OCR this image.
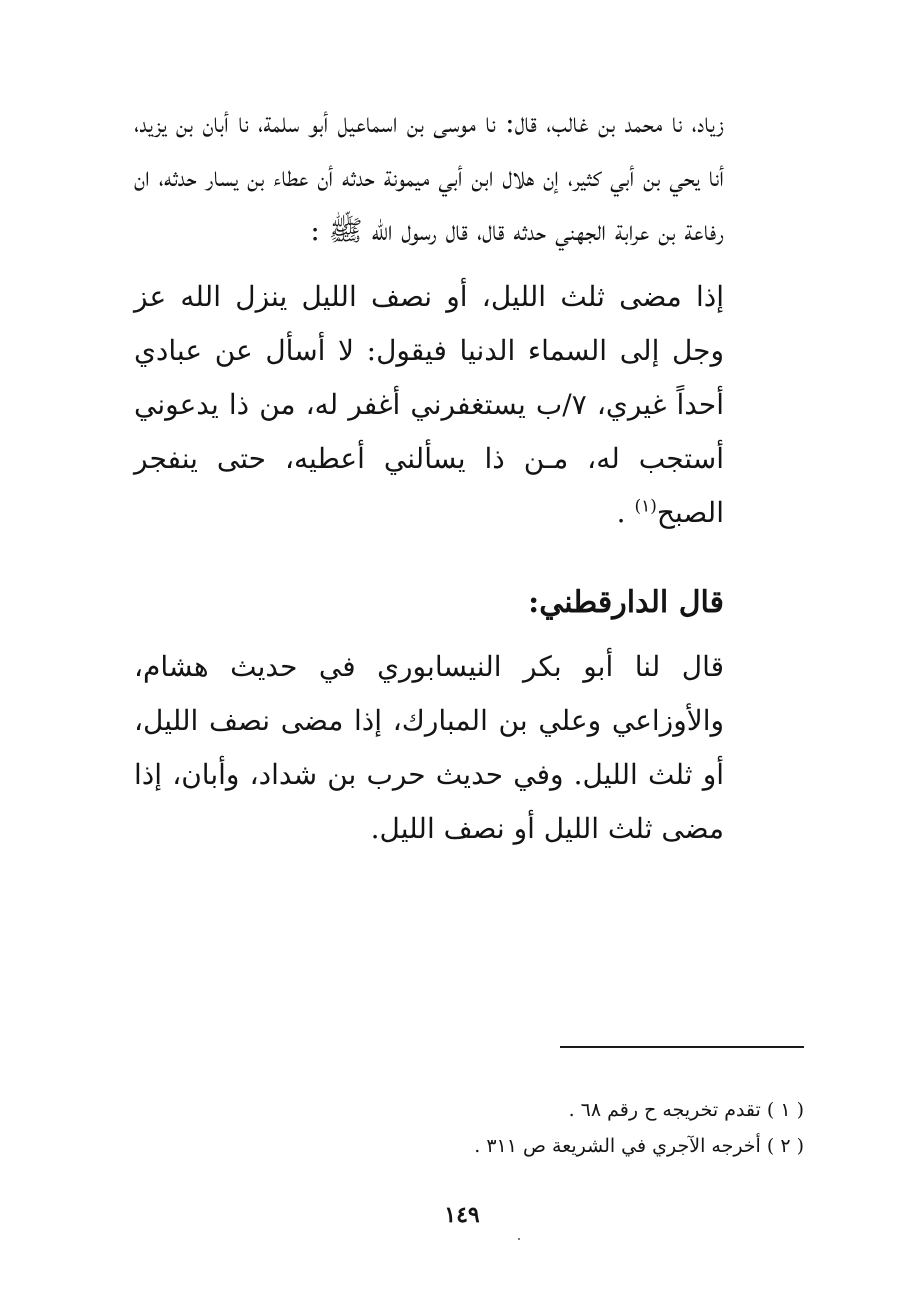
زياد، نا محمد بن غالب، قال: نا موسى بن اسماعيل أبو سلمة، نا أبان بن يزيد، أنا يحي بن أبي كثير، إن هلال ابن أبي ميمونة حدثه أن عطاء بن يسار حدثه، ان رفاعة بن عرابة الجهني حدثه قال، قال رسول الله ﷺ :

إذا مضى ثلث الليل، أو نصف الليل ينزل الله عز وجل إلى السماء الدنيا فيقول: لا أسأل عن عبادي أحداً غيري، ٧/ب يستغفرني أغفر له، من ذا يدعوني أستجب له، مـن ذا يسألني أعطيه، حتى ينفجر الصبح$^{(١)}$ .

قال الدارقطني:

قال لنا أبو بكر النيسابوري في حديث هشام، والأوزاعي وعلي بن المبارك، إذا مضى نصف الليل، أو ثلث الليل. وفي حديث حرب بن شداد، وأبان، إذا مضى ثلث الليل أو نصف الليل.

( ١ ) تقدم تخريجه ح رقم ٦٨ .

( ٢ ) أخرجه الآجري في الشريعة ص ٣١١ .

١٤٩
